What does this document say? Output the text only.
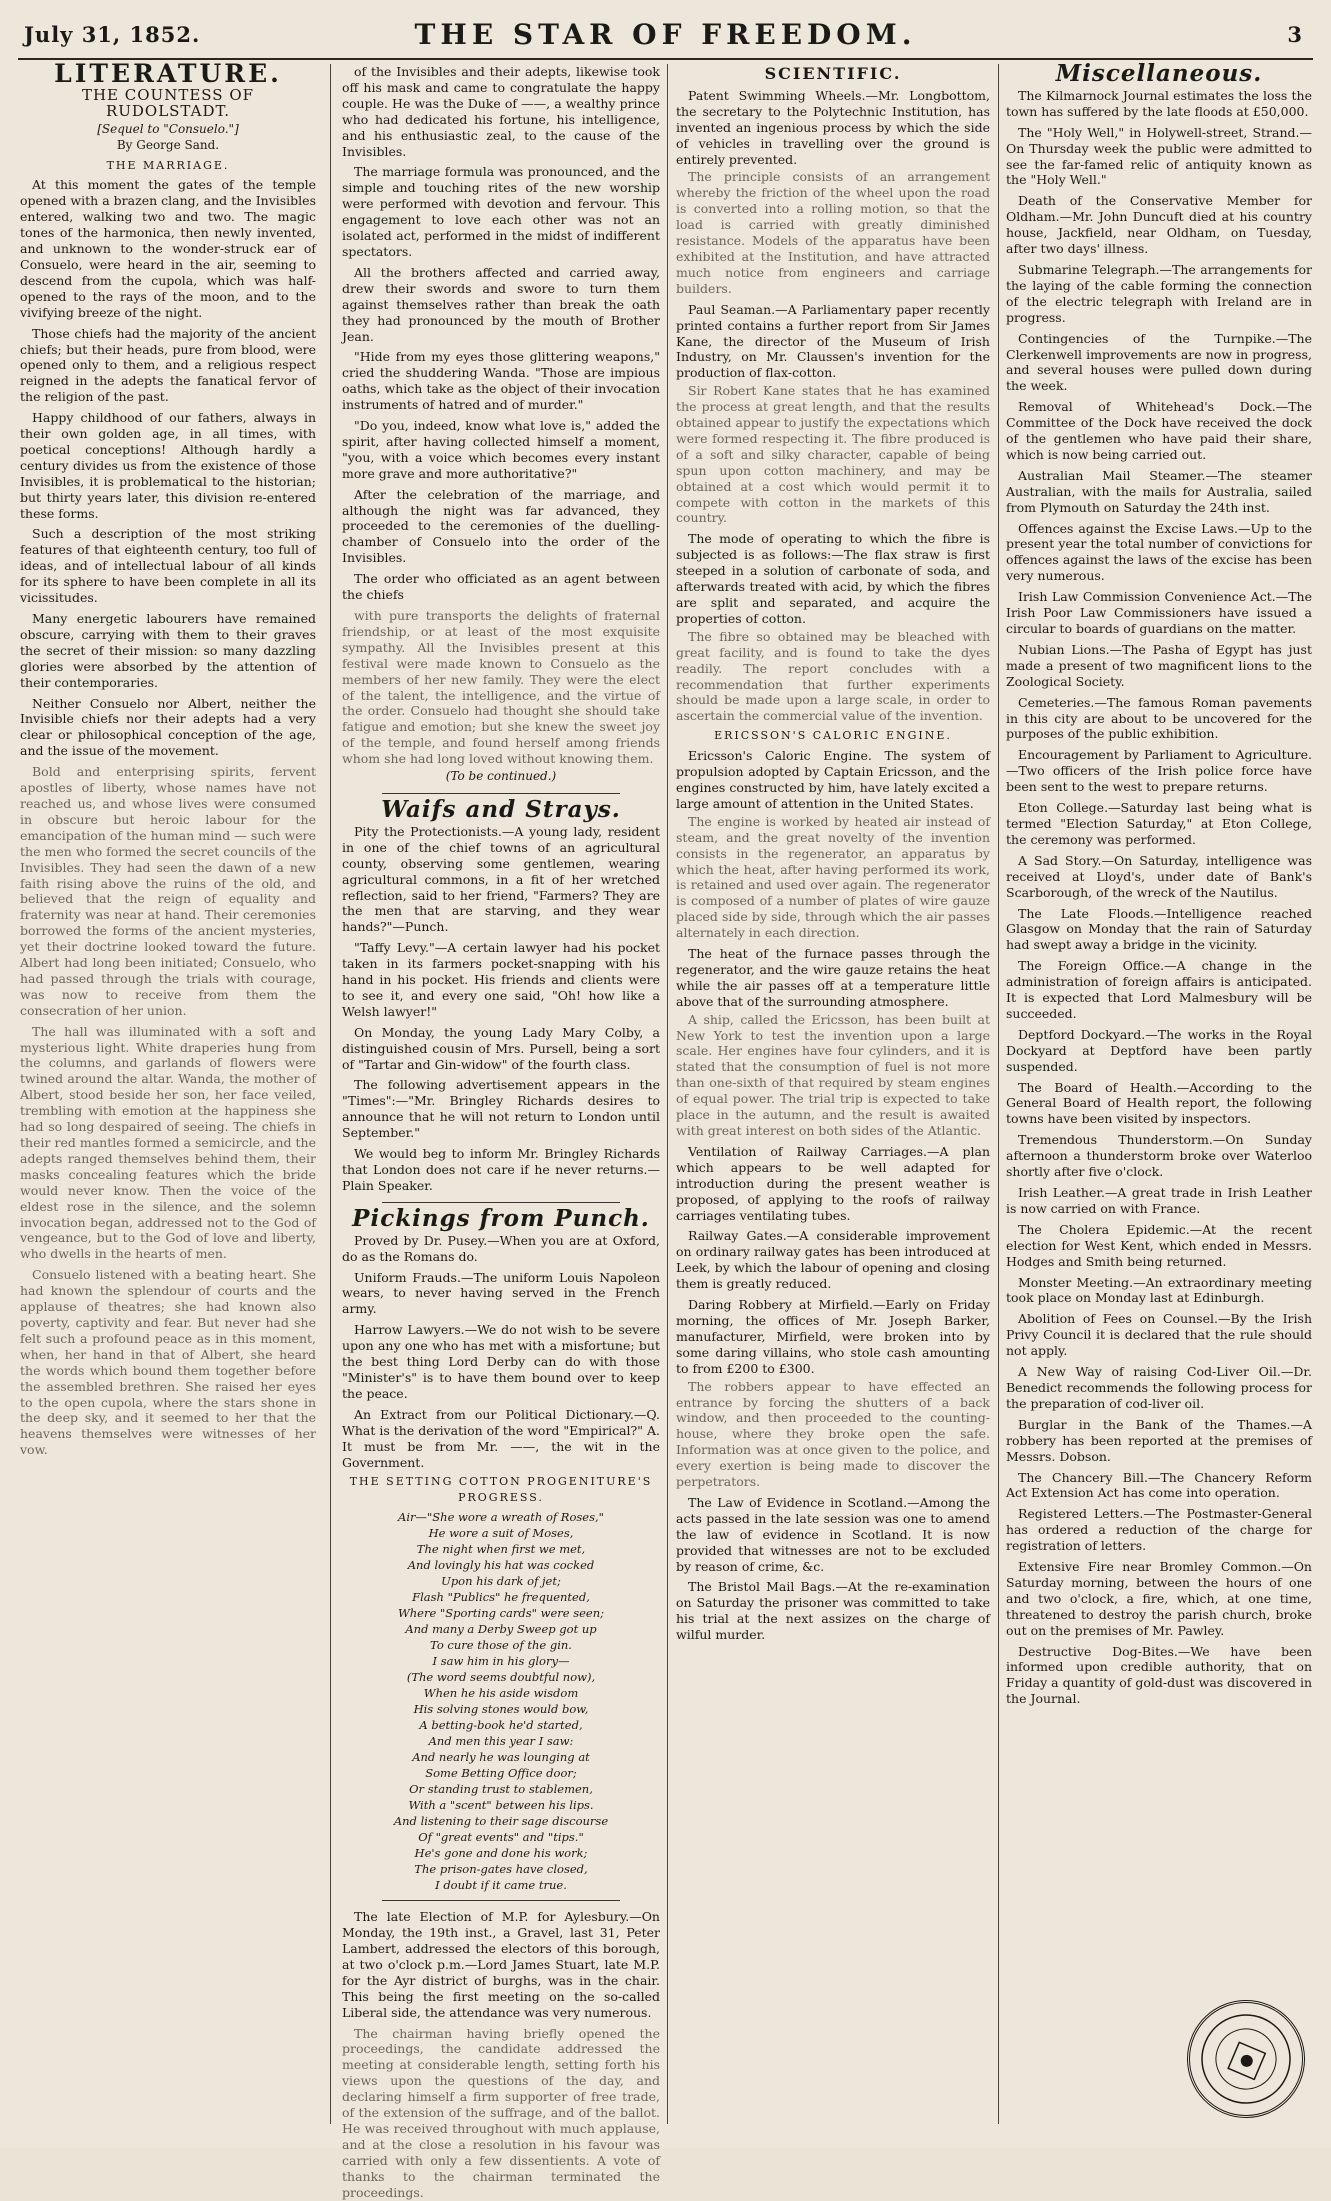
July 31, 1852.	THE STAR OF FREEDOM.	3
LITERATURE.
THE COUNTESS OF RUDOLSTADT.
[Sequel to "Consuelo."]
By George Sand.
THE MARRIAGE.

At this moment the gates of the temple opened with a brazen clang, and the Invisibles entered, walking two and two. The magic tones of the harmonica, then newly invented, and unknown to the wonder-struck ear of Consuelo, were heard in the air, seeming to descend from the cupola, which was half-opened to the rays of the moon, and to the vivifying breeze of the night.

Those chiefs had the majority of the ancient chiefs; but their heads, pure from blood, were opened only to them, and a religious respect reigned in the adepts the fanatical fervor of the religion of the past.

Happy childhood of our fathers, always in their own golden age, in all times, with poetical conceptions! Although hardly a century divides us from the existence of those Invisibles, it is problematical to the historian; but thirty years later, this division re-entered these forms.

Such a description of the most striking features of that eighteenth century, too full of ideas, and of intellectual labour of all kinds for its sphere to have been complete in all its vicissitudes.

Many energetic labourers have remained obscure, carrying with them to their graves the secret of their mission: so many dazzling glories were absorbed by the attention of their contemporaries.

Neither Consuelo nor Albert, neither the Invisible chiefs nor their adepts had a very clear or philosophical conception of the age, and the issue of the movement.

Bold and enterprising spirits, fervent apostles of liberty, whose names have not reached us, and whose lives were consumed in obscure but heroic labour for the emancipation of the human mind — such were the men who formed the secret councils of the Invisibles. They had seen the dawn of a new faith rising above the ruins of the old, and believed that the reign of equality and fraternity was near at hand. Their ceremonies borrowed the forms of the ancient mysteries, yet their doctrine looked toward the future. Albert had long been initiated; Consuelo, who had passed through the trials with courage, was now to receive from them the consecration of her union.

The hall was illuminated with a soft and mysterious light. White draperies hung from the columns, and garlands of flowers were twined around the altar. Wanda, the mother of Albert, stood beside her son, her face veiled, trembling with emotion at the happiness she had so long despaired of seeing. The chiefs in their red mantles formed a semicircle, and the adepts ranged themselves behind them, their masks concealing features which the bride would never know. Then the voice of the eldest rose in the silence, and the solemn invocation began, addressed not to the God of vengeance, but to the God of love and liberty, who dwells in the hearts of men.

Consuelo listened with a beating heart. She had known the splendour of courts and the applause of theatres; she had known also poverty, captivity and fear. But never had she felt such a profound peace as in this moment, when, her hand in that of Albert, she heard the words which bound them together before the assembled brethren. She raised her eyes to the open cupola, where the stars shone in the deep sky, and it seemed to her that the heavens themselves were witnesses of her vow.

of the Invisibles and their adepts, likewise took off his mask and came to congratulate the happy couple. He was the Duke of ——, a wealthy prince who had dedicated his fortune, his intelligence, and his enthusiastic zeal, to the cause of the Invisibles.

The marriage formula was pronounced, and the simple and touching rites of the new worship were performed with devotion and fervour. This engagement to love each other was not an isolated act, performed in the midst of indifferent spectators.

All the brothers affected and carried away, drew their swords and swore to turn them against themselves rather than break the oath they had pronounced by the mouth of Brother Jean.

"Hide from my eyes those glittering weapons," cried the shuddering Wanda. "Those are impious oaths, which take as the object of their invocation instruments of hatred and of murder."

"Do you, indeed, know what love is," added the spirit, after having collected himself a moment, "you, with a voice which becomes every instant more grave and more authoritative?"

After the celebration of the marriage, and although the night was far advanced, they proceeded to the ceremonies of the duelling-chamber of Consuelo into the order of the Invisibles.

The order who officiated as an agent between the chiefs

with pure transports the delights of fraternal friendship, or at least of the most exquisite sympathy. All the Invisibles present at this festival were made known to Consuelo as the members of her new family. They were the elect of the talent, the intelligence, and the virtue of the order. Consuelo had thought she should take fatigue and emotion; but she knew the sweet joy of the temple, and found herself among friends whom she had long loved without knowing them.

(To be continued.)
Waifs and Strays.

Pity the Protectionists.—A young lady, resident in one of the chief towns of an agricultural county, observing some gentlemen, wearing agricultural commons, in a fit of her wretched reflection, said to her friend, "Farmers? They are the men that are starving, and they wear hands?"—Punch.

"Taffy Levy."—A certain lawyer had his pocket taken in its farmers pocket-snapping with his hand in his pocket. His friends and clients were to see it, and every one said, "Oh! how like a Welsh lawyer!"

On Monday, the young Lady Mary Colby, a distinguished cousin of Mrs. Pursell, being a sort of "Tartar and Gin-widow" of the fourth class.

The following advertisement appears in the "Times":—"Mr. Bringley Richards desires to announce that he will not return to London until September."

We would beg to inform Mr. Bringley Richards that London does not care if he never returns.—Plain Speaker.

Pickings from Punch.

Proved by Dr. Pusey.—When you are at Oxford, do as the Romans do.

Uniform Frauds.—The uniform Louis Napoleon wears, to never having served in the French army.

Harrow Lawyers.—We do not wish to be severe upon any one who has met with a misfortune; but the best thing Lord Derby can do with those "Minister's" is to have them bound over to keep the peace.

An Extract from our Political Dictionary.—Q. What is the derivation of the word "Empirical?" A. It must be from Mr. ——, the wit in the Government.

THE SETTING COTTON PROGENITURE'S PROGRESS.
Air—"She wore a wreath of Roses,"
He wore a suit of Moses,
The night when first we met,
And lovingly his hat was cocked
Upon his dark of jet;
Flash "Publics" he frequented,
Where "Sporting cards" were seen;
And many a Derby Sweep got up
To cure those of the gin.
I saw him in his glory—
(The word seems doubtful now),
When he his aside wisdom
His solving stones would bow,
A betting-book he'd started,
And men this year I saw:
And nearly he was lounging at
Some Betting Office door;
Or standing trust to stablemen,
With a "scent" between his lips.
And listening to their sage discourse
Of "great events" and "tips."
He's gone and done his work;
The prison-gates have closed,
I doubt if it came true.

The late Election of M.P. for Aylesbury.—On Monday, the 19th inst., a Gravel, last 31, Peter Lambert, addressed the electors of this borough, at two o'clock p.m.—Lord James Stuart, late M.P. for the Ayr district of burghs, was in the chair. This being the first meeting on the so-called Liberal side, the attendance was very numerous.

The chairman having briefly opened the proceedings, the candidate addressed the meeting at considerable length, setting forth his views upon the questions of the day, and declaring himself a firm supporter of free trade, of the extension of the suffrage, and of the ballot. He was received throughout with much applause, and at the close a resolution in his favour was carried with only a few dissentients. A vote of thanks to the chairman terminated the proceedings.

SCIENTIFIC.

Patent Swimming Wheels.—Mr. Longbottom, the secretary to the Polytechnic Institution, has invented an ingenious process by which the side of vehicles in travelling over the ground is entirely prevented.

The principle consists of an arrangement whereby the friction of the wheel upon the road is converted into a rolling motion, so that the load is carried with greatly diminished resistance. Models of the apparatus have been exhibited at the Institution, and have attracted much notice from engineers and carriage builders.

Paul Seaman.—A Parliamentary paper recently printed contains a further report from Sir James Kane, the director of the Museum of Irish Industry, on Mr. Claussen's invention for the production of flax-cotton.

Sir Robert Kane states that he has examined the process at great length, and that the results obtained appear to justify the expectations which were formed respecting it. The fibre produced is of a soft and silky character, capable of being spun upon cotton machinery, and may be obtained at a cost which would permit it to compete with cotton in the markets of this country.

The mode of operating to which the fibre is subjected is as follows:—The flax straw is first steeped in a solution of carbonate of soda, and afterwards treated with acid, by which the fibres are split and separated, and acquire the properties of cotton.

The fibre so obtained may be bleached with great facility, and is found to take the dyes readily. The report concludes with a recommendation that further experiments should be made upon a large scale, in order to ascertain the commercial value of the invention.

ERICSSON'S CALORIC ENGINE.

Ericsson's Caloric Engine. The system of propulsion adopted by Captain Ericsson, and the engines constructed by him, have lately excited a large amount of attention in the United States.

The engine is worked by heated air instead of steam, and the great novelty of the invention consists in the regenerator, an apparatus by which the heat, after having performed its work, is retained and used over again. The regenerator is composed of a number of plates of wire gauze placed side by side, through which the air passes alternately in each direction.

The heat of the furnace passes through the regenerator, and the wire gauze retains the heat while the air passes off at a temperature little above that of the surrounding atmosphere.

A ship, called the Ericsson, has been built at New York to test the invention upon a large scale. Her engines have four cylinders, and it is stated that the consumption of fuel is not more than one-sixth of that required by steam engines of equal power. The trial trip is expected to take place in the autumn, and the result is awaited with great interest on both sides of the Atlantic.

Ventilation of Railway Carriages.—A plan which appears to be well adapted for introduction during the present weather is proposed, of applying to the roofs of railway carriages ventilating tubes.

Railway Gates.—A considerable improvement on ordinary railway gates has been introduced at Leek, by which the labour of opening and closing them is greatly reduced.

Daring Robbery at Mirfield.—Early on Friday morning, the offices of Mr. Joseph Barker, manufacturer, Mirfield, were broken into by some daring villains, who stole cash amounting to from £200 to £300.

The robbers appear to have effected an entrance by forcing the shutters of a back window, and then proceeded to the counting-house, where they broke open the safe. Information was at once given to the police, and every exertion is being made to discover the perpetrators.

The Law of Evidence in Scotland.—Among the acts passed in the late session was one to amend the law of evidence in Scotland. It is now provided that witnesses are not to be excluded by reason of crime, &c.

The Bristol Mail Bags.—At the re-examination on Saturday the prisoner was committed to take his trial at the next assizes on the charge of wilful murder.

Miscellaneous.

The Kilmarnock Journal estimates the loss the town has suffered by the late floods at £50,000.

The "Holy Well," in Holywell-street, Strand.—On Thursday week the public were admitted to see the far-famed relic of antiquity known as the "Holy Well."

Death of the Conservative Member for Oldham.—Mr. John Duncuft died at his country house, Jackfield, near Oldham, on Tuesday, after two days' illness.

Submarine Telegraph.—The arrangements for the laying of the cable forming the connection of the electric telegraph with Ireland are in progress.

Contingencies of the Turnpike.—The Clerkenwell improvements are now in progress, and several houses were pulled down during the week.

Removal of Whitehead's Dock.—The Committee of the Dock have received the dock of the gentlemen who have paid their share, which is now being carried out.

Australian Mail Steamer.—The steamer Australian, with the mails for Australia, sailed from Plymouth on Saturday the 24th inst.

Offences against the Excise Laws.—Up to the present year the total number of convictions for offences against the laws of the excise has been very numerous.

Irish Law Commission Convenience Act.—The Irish Poor Law Commissioners have issued a circular to boards of guardians on the matter.

Nubian Lions.—The Pasha of Egypt has just made a present of two magnificent lions to the Zoological Society.

Cemeteries.—The famous Roman pavements in this city are about to be uncovered for the purposes of the public exhibition.

Encouragement by Parliament to Agriculture.—Two officers of the Irish police force have been sent to the west to prepare returns.

Eton College.—Saturday last being what is termed "Election Saturday," at Eton College, the ceremony was performed.

A Sad Story.—On Saturday, intelligence was received at Lloyd's, under date of Bank's Scarborough, of the wreck of the Nautilus.

The Late Floods.—Intelligence reached Glasgow on Monday that the rain of Saturday had swept away a bridge in the vicinity.

The Foreign Office.—A change in the administration of foreign affairs is anticipated. It is expected that Lord Malmesbury will be succeeded.

Deptford Dockyard.—The works in the Royal Dockyard at Deptford have been partly suspended.

The Board of Health.—According to the General Board of Health report, the following towns have been visited by inspectors.

Tremendous Thunderstorm.—On Sunday afternoon a thunderstorm broke over Waterloo shortly after five o'clock.

Irish Leather.—A great trade in Irish Leather is now carried on with France.

The Cholera Epidemic.—At the recent election for West Kent, which ended in Messrs. Hodges and Smith being returned.

Monster Meeting.—An extraordinary meeting took place on Monday last at Edinburgh.

Abolition of Fees on Counsel.—By the Irish Privy Council it is declared that the rule should not apply.

A New Way of raising Cod-Liver Oil.—Dr. Benedict recommends the following process for the preparation of cod-liver oil.

Burglar in the Bank of the Thames.—A robbery has been reported at the premises of Messrs. Dobson.

The Chancery Bill.—The Chancery Reform Act Extension Act has come into operation.

Registered Letters.—The Postmaster-General has ordered a reduction of the charge for registration of letters.

Extensive Fire near Bromley Common.—On Saturday morning, between the hours of one and two o'clock, a fire, which, at one time, threatened to destroy the parish church, broke out on the premises of Mr. Pawley.

Destructive Dog-Bites.—We have been informed upon credible authority, that on Friday a quantity of gold-dust was discovered in the Journal.
